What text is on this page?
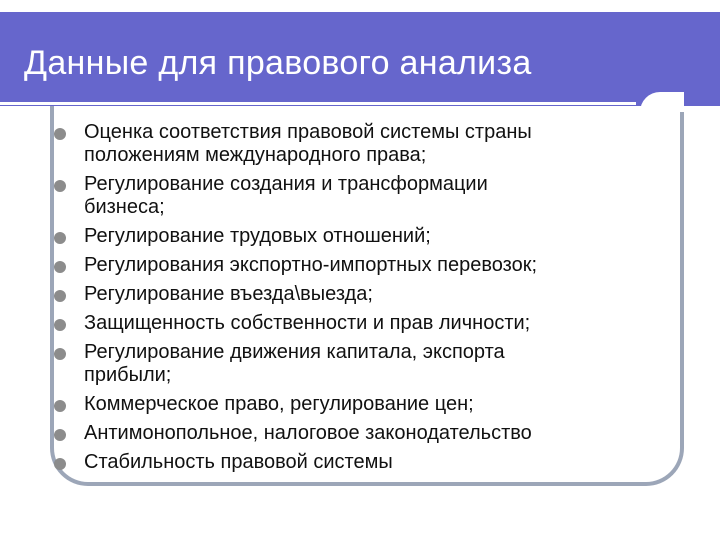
Данные для правового анализа
Оценка соответствия правовой системы страны
положениям международного права;
Регулирование создания и трансформации
бизнеса;
Регулирование трудовых отношений;
Регулирования экспортно-импортных перевозок;
Регулирование въезда\выезда;
Защищенность собственности и прав личности;
Регулирование движения капитала, экспорта
прибыли;
Коммерческое право, регулирование цен;
Антимонопольное, налоговое законодательство
Стабильность правовой системы
